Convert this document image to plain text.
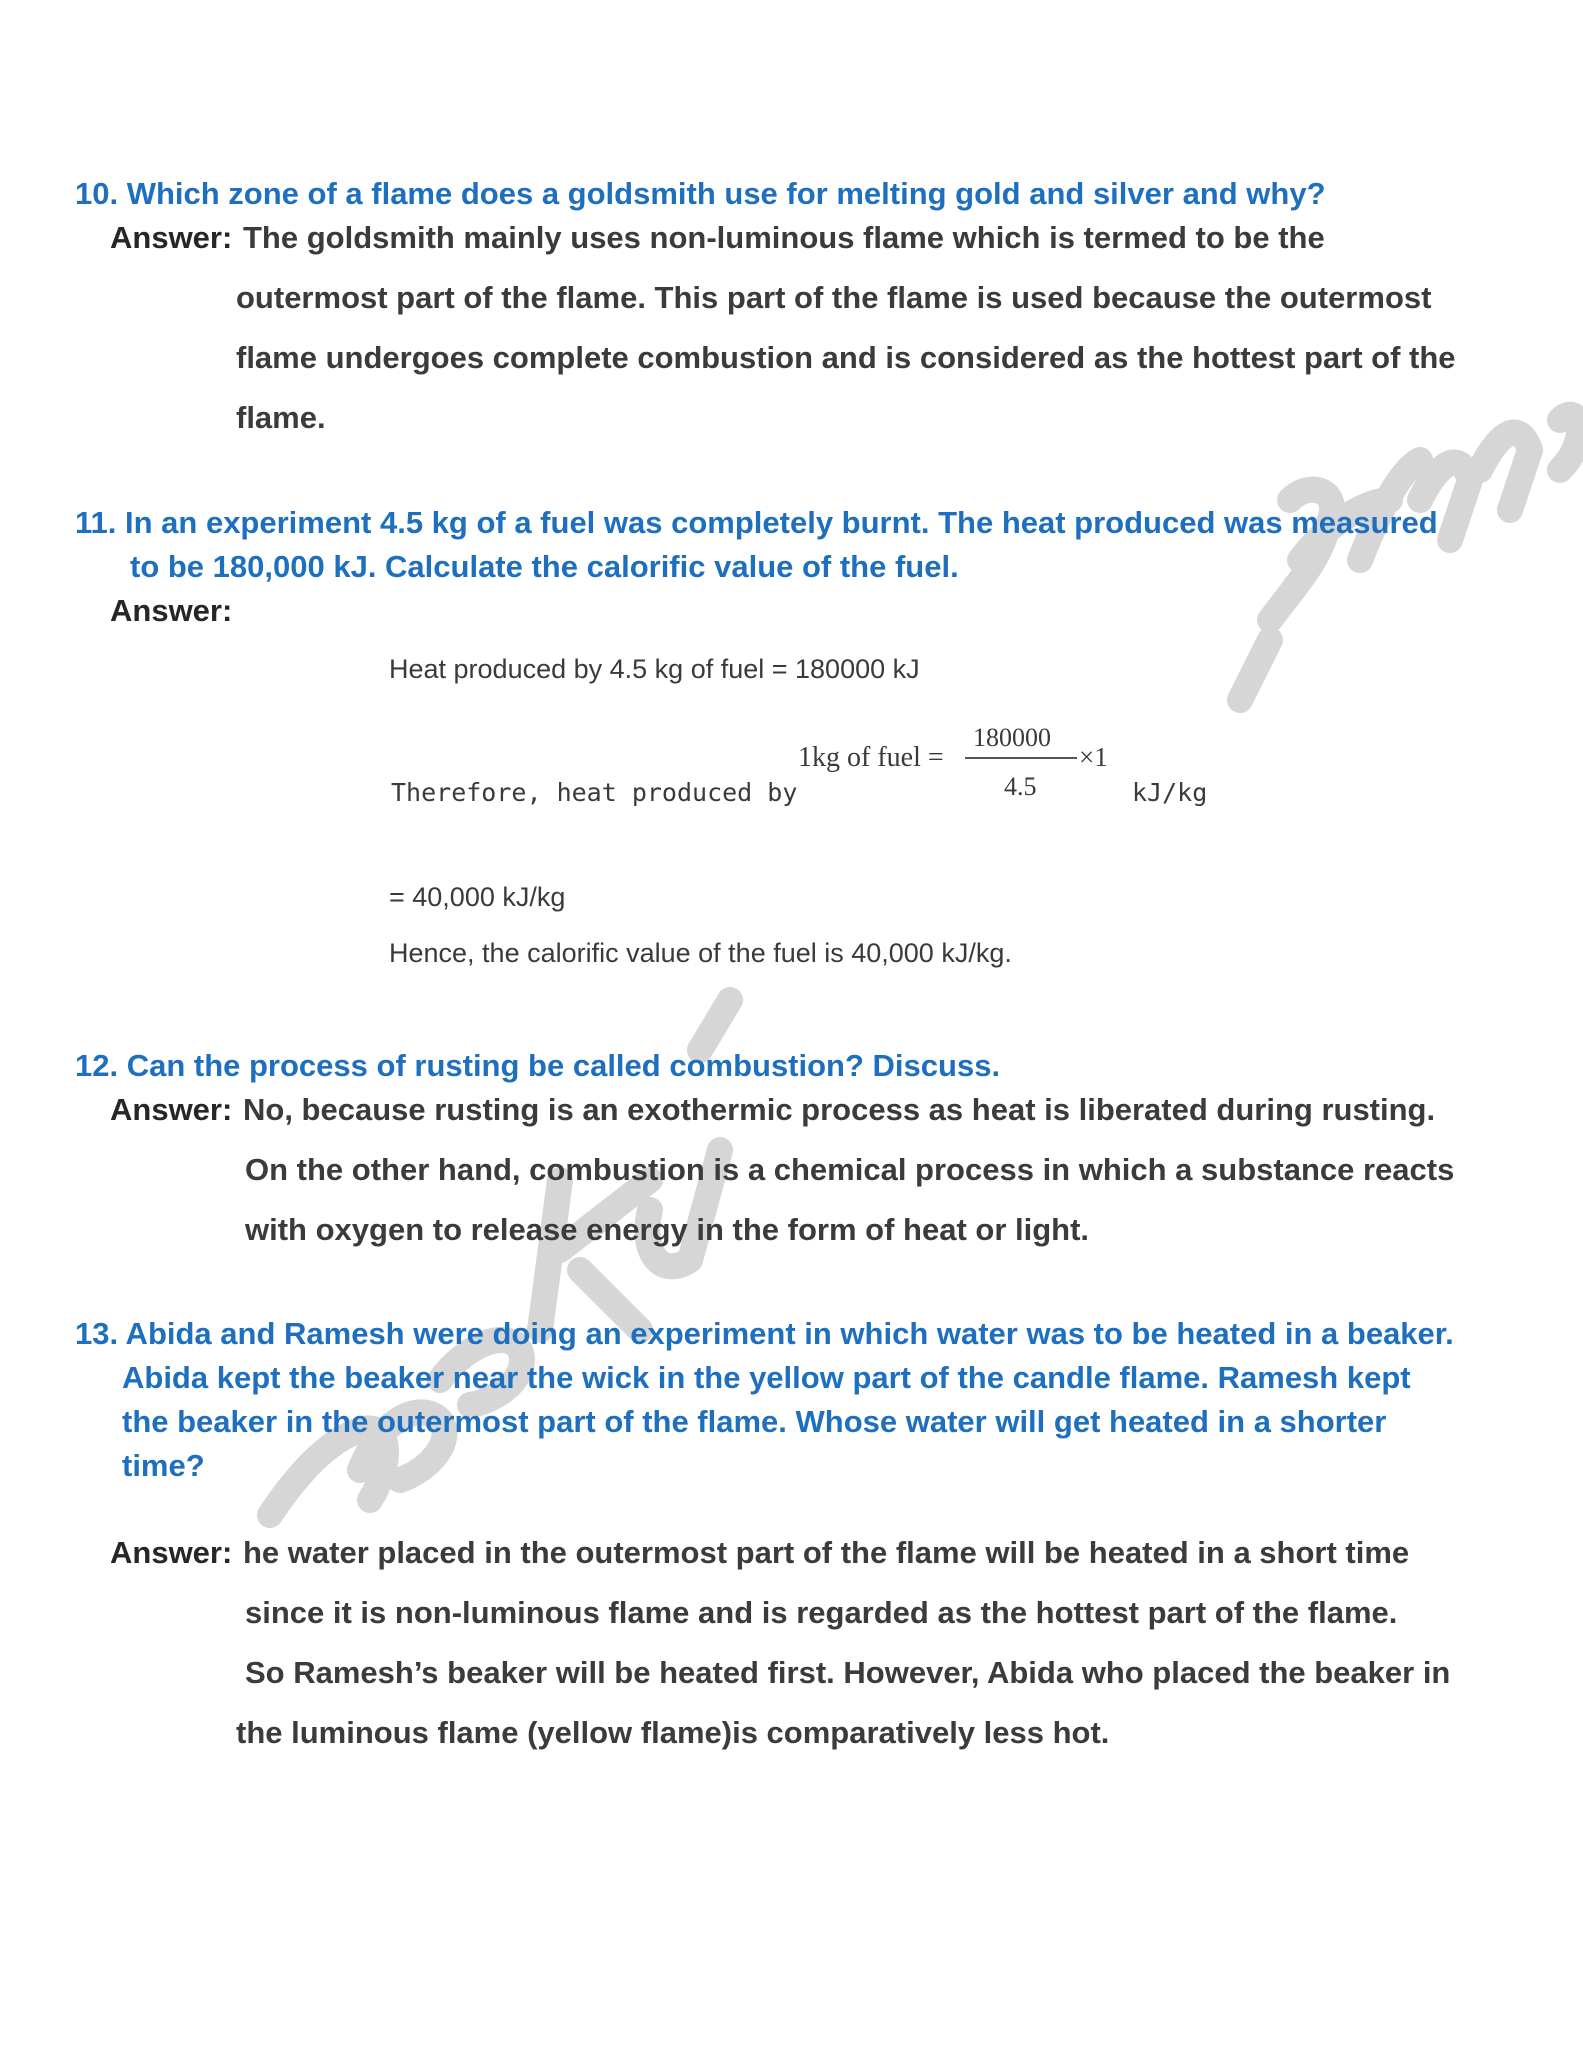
10. Which zone of a flame does a goldsmith use for melting gold and silver and why?
Answer: The goldsmith mainly uses non-luminous flame which is termed to be the
outermost part of the flame. This part of the flame is used because the outermost
flame undergoes complete combustion and is considered as the hottest part of the
flame.
11. In an experiment 4.5 kg of a fuel was completely burnt. The heat produced was measured
to be 180,000 kJ. Calculate the calorific value of the fuel.
Answer:
Heat produced by 4.5 kg of fuel = 180000 kJ
Therefore, heat produced by
1kg of fuel =
180000
4.5
×1
kJ/kg
= 40,000 kJ/kg
Hence, the calorific value of the fuel is 40,000 kJ/kg.
12. Can the process of rusting be called combustion? Discuss.
Answer: No, because rusting is an exothermic process as heat is liberated during rusting.
On the other hand, combustion is a chemical process in which a substance reacts
with oxygen to release energy in the form of heat or light.
13. Abida and Ramesh were doing an experiment in which water was to be heated in a beaker.
Abida kept the beaker near the wick in the yellow part of the candle flame. Ramesh kept
the beaker in the outermost part of the flame. Whose water will get heated in a shorter
time?
Answer: he water placed in the outermost part of the flame will be heated in a short time
since it is non-luminous flame and is regarded as the hottest part of the flame.
So Ramesh’s beaker will be heated first. However, Abida who placed the beaker in
the luminous flame (yellow flame)is comparatively less hot.
